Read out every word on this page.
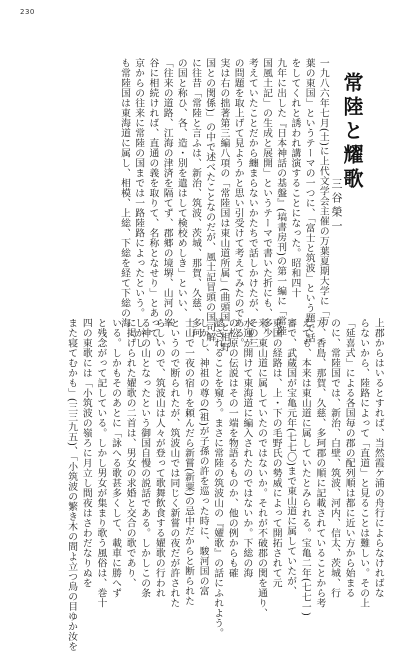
230
常陸と耀歌
三谷榮一
一九八六年七月(土)に上代文学会主催の万葉夏期大学に「万
葉の東国」というテーマの一つに、「富士と筑波」という題で話
をしてくれと誘われ講演することになった。昭和四十
九年に出した『日本神話の基盤』(塙書房刊)の第一編に「常陸
国風土記」の生成と展開」というテーマで書いた折にも、多少
考えていたことだから纏まらないかたちで話しかけたが、その三
の問題を取上げて見ようかと思い引受けて考えてみたのである。
実は右の拙著第三編八項の「常陸国は東山道所属」(曲頭国と相野
国との関係)」の中で述べたことなのだが、風土記冒頭の国司解
に往昔「常陸と言ふは、新治、筑波、茨城、那賀、久慈、多珂
の国と称ひ、各、造・別を遣はして検校めしき」といい、
「往来の道路、江海の津済を隔てず、郡郷の境堺、山河の峯
谷に相続ければ、直通の義を取りて、名称となせり」とあって、
京からの往来に常陸の国までは一路陸路によったという。しかし
も常陸国は東海道に属し、相模、上総、下総を経て下総の海
上郡からはいるとすれば、当然霞ケ浦の舟行によらなければな
らないから、陸路によって「直道」と見ることは難しい。その上
「延喜式」による各国毎の郡の配列順は都に近い方から始まる
のに、常陸国では、新治、白壁、筑波、河内、信太、茨城、行
方、香島、那賀、久慈、多珂郡の順に記載されていることから考
えても、本来は東山道に属していたとみられる。宝亀二年(七七一)
審で、武蔵国が宝亀元年(七七〇)まで東山道に属していたが、
東国の経路は、上・下の毛野氏の勢威によって開拓されて元
来、東山道に属していたのではないか。それが不破郡の関を通り、
水運が開けて東海道に編入されたのではないか。下総の海
の松原の伝説はその一端を物語るものか、他の例からも確
認されることを窺う。まさに常陸の筑波山の『嬥歌』の話にふれよう。
しかし、神祖の尊の(祖)が子孫の許を巡った時に、駿河国の富
士山で一夜の宿りを頼んだら新嘗(新粟)の忌中だからと断られた
というので断られたが、筑波山では同じく新嘗の夜だが許された
らしいので、筑波山は人々が登って歌舞飲食する嬥歌の行われ
る神の山となったという御国自慢の説話である。しかしこの条
に掲げられた嬥歌の二首は、男女の求婚と交合の歌であり、
いる。しかもそのあとに「詠へる歌甚多くして、載車に勝へず
と残念がって記している。しかし男女が集まり歌う風俗は、巻十
四の東歌には「小筑波の嶺ろに月立し間夜はさわだなりぬを
また寝てむかも」(三三九五)、「小筑波の繁き木の間よ立つ鳥の目ゆか汝を
